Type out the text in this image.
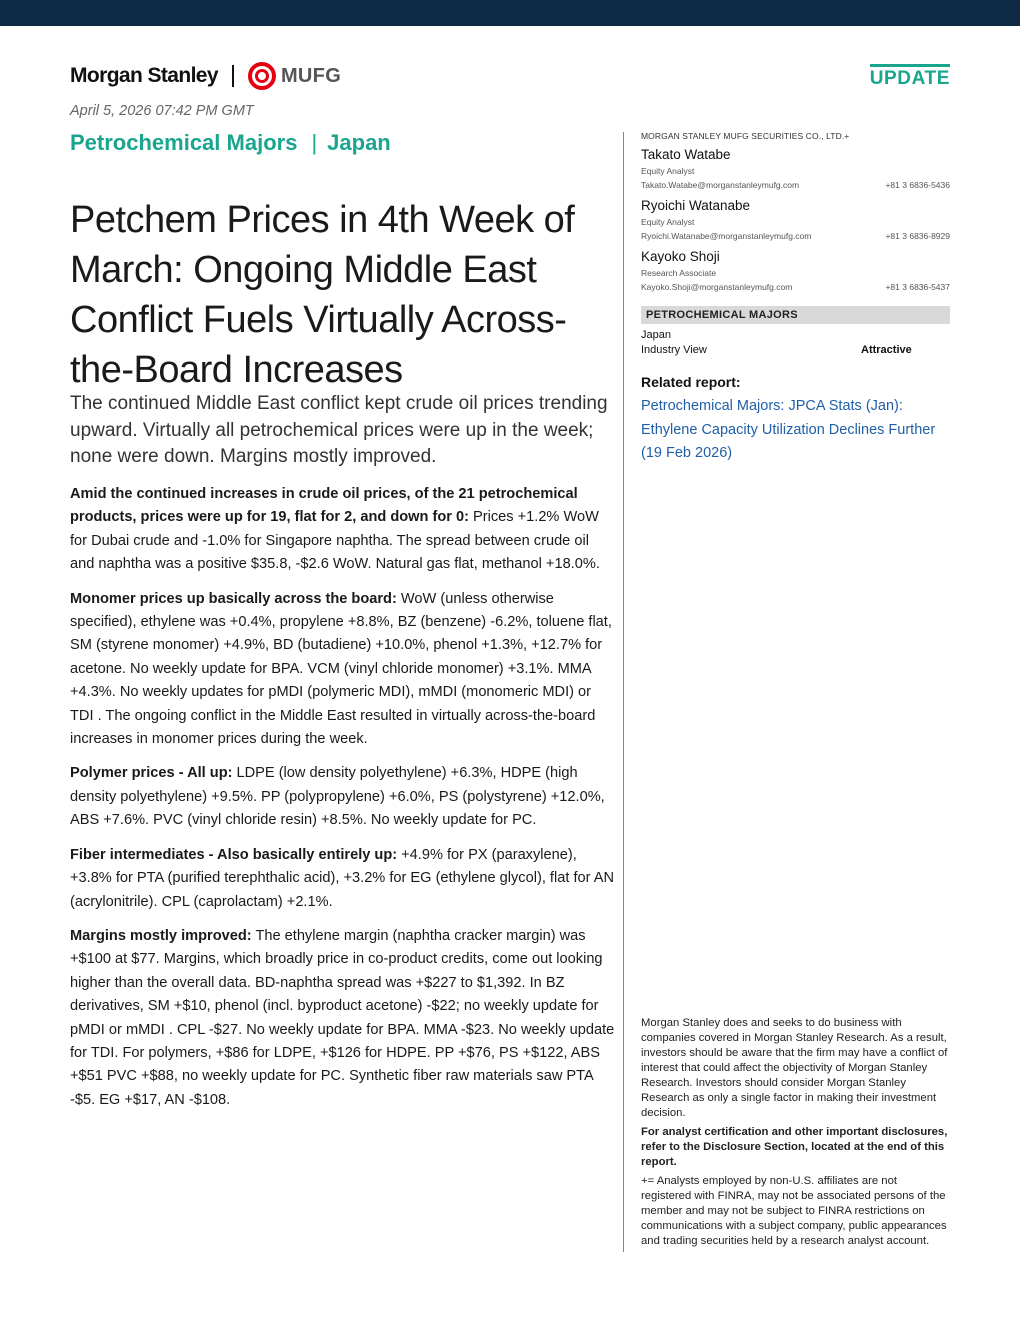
Morgan Stanley	MUFG	UPDATE
April 5, 2026 07:42 PM GMT
Petrochemical Majors | Japan
Petchem Prices in 4th Week of March: Ongoing Middle East Conflict Fuels Virtually Across-the-Board Increases
The continued Middle East conflict kept crude oil prices trending upward. Virtually all petrochemical prices were up in the week; none were down. Margins mostly improved.

Amid the continued increases in crude oil prices, of the 21 petrochemical products, prices were up for 19, flat for 2, and down for 0: Prices +1.2% WoW for Dubai crude and -1.0% for Singapore naphtha. The spread between crude oil and naphtha was a positive $35.8, -$2.6 WoW. Natural gas flat, methanol +18.0%.

Monomer prices up basically across the board: WoW (unless otherwise specified), ethylene was +0.4%, propylene +8.8%, BZ (benzene) -6.2%, toluene flat, SM (styrene monomer) +4.9%, BD (butadiene) +10.0%, phenol +1.3%, +12.7% for acetone. No weekly update for BPA. VCM (vinyl chloride monomer) +3.1%. MMA +4.3%. No weekly updates for pMDI (polymeric MDI), mMDI (monomeric MDI) or TDI . The ongoing conflict in the Middle East resulted in virtually across-the-board increases in monomer prices during the week.

Polymer prices - All up: LDPE (low density polyethylene) +6.3%, HDPE (high density polyethylene) +9.5%. PP (polypropylene) +6.0%, PS (polystyrene) +12.0%, ABS +7.6%. PVC (vinyl chloride resin) +8.5%. No weekly update for PC.

Fiber intermediates - Also basically entirely up: +4.9% for PX (paraxylene), +3.8% for PTA (purified terephthalic acid), +3.2% for EG (ethylene glycol), flat for AN (acrylonitrile). CPL (caprolactam) +2.1%.

Margins mostly improved: The ethylene margin (naphtha cracker margin) was +$100 at $77. Margins, which broadly price in co-product credits, come out looking higher than the overall data. BD-naphtha spread was +$227 to $1,392. In BZ derivatives, SM +$10, phenol (incl. byproduct acetone) -$22; no weekly update for pMDI or mMDI . CPL -$27. No weekly update for BPA. MMA -$23. No weekly update for TDI. For polymers, +$86 for LDPE, +$126 for HDPE. PP +$76, PS +$122, ABS +$51 PVC +$88, no weekly update for PC. Synthetic fiber raw materials saw PTA -$5. EG +$17, AN -$108.

MORGAN STANLEY MUFG SECURITIES CO., LTD.+
Takato Watabe
Equity Analyst
Takato.Watabe@morganstanleymufg.com	+81 3 6836-5436
Ryoichi Watanabe
Equity Analyst
Ryoichi.Watanabe@morganstanleymufg.com	+81 3 6836-8929
Kayoko Shoji
Research Associate
Kayoko.Shoji@morganstanleymufg.com	+81 3 6836-5437
PETROCHEMICAL MAJORS
Japan
Industry View	Attractive
Related report:
Petrochemical Majors: JPCA Stats (Jan): Ethylene Capacity Utilization Declines Further (19 Feb 2026)

Morgan Stanley does and seeks to do business with companies covered in Morgan Stanley Research. As a result, investors should be aware that the firm may have a conflict of interest that could affect the objectivity of Morgan Stanley Research. Investors should consider Morgan Stanley Research as only a single factor in making their investment decision.

For analyst certification and other important disclosures, refer to the Disclosure Section, located at the end of this report.

+= Analysts employed by non-U.S. affiliates are not registered with FINRA, may not be associated persons of the member and may not be subject to FINRA restrictions on communications with a subject company, public appearances and trading securities held by a research analyst account.
